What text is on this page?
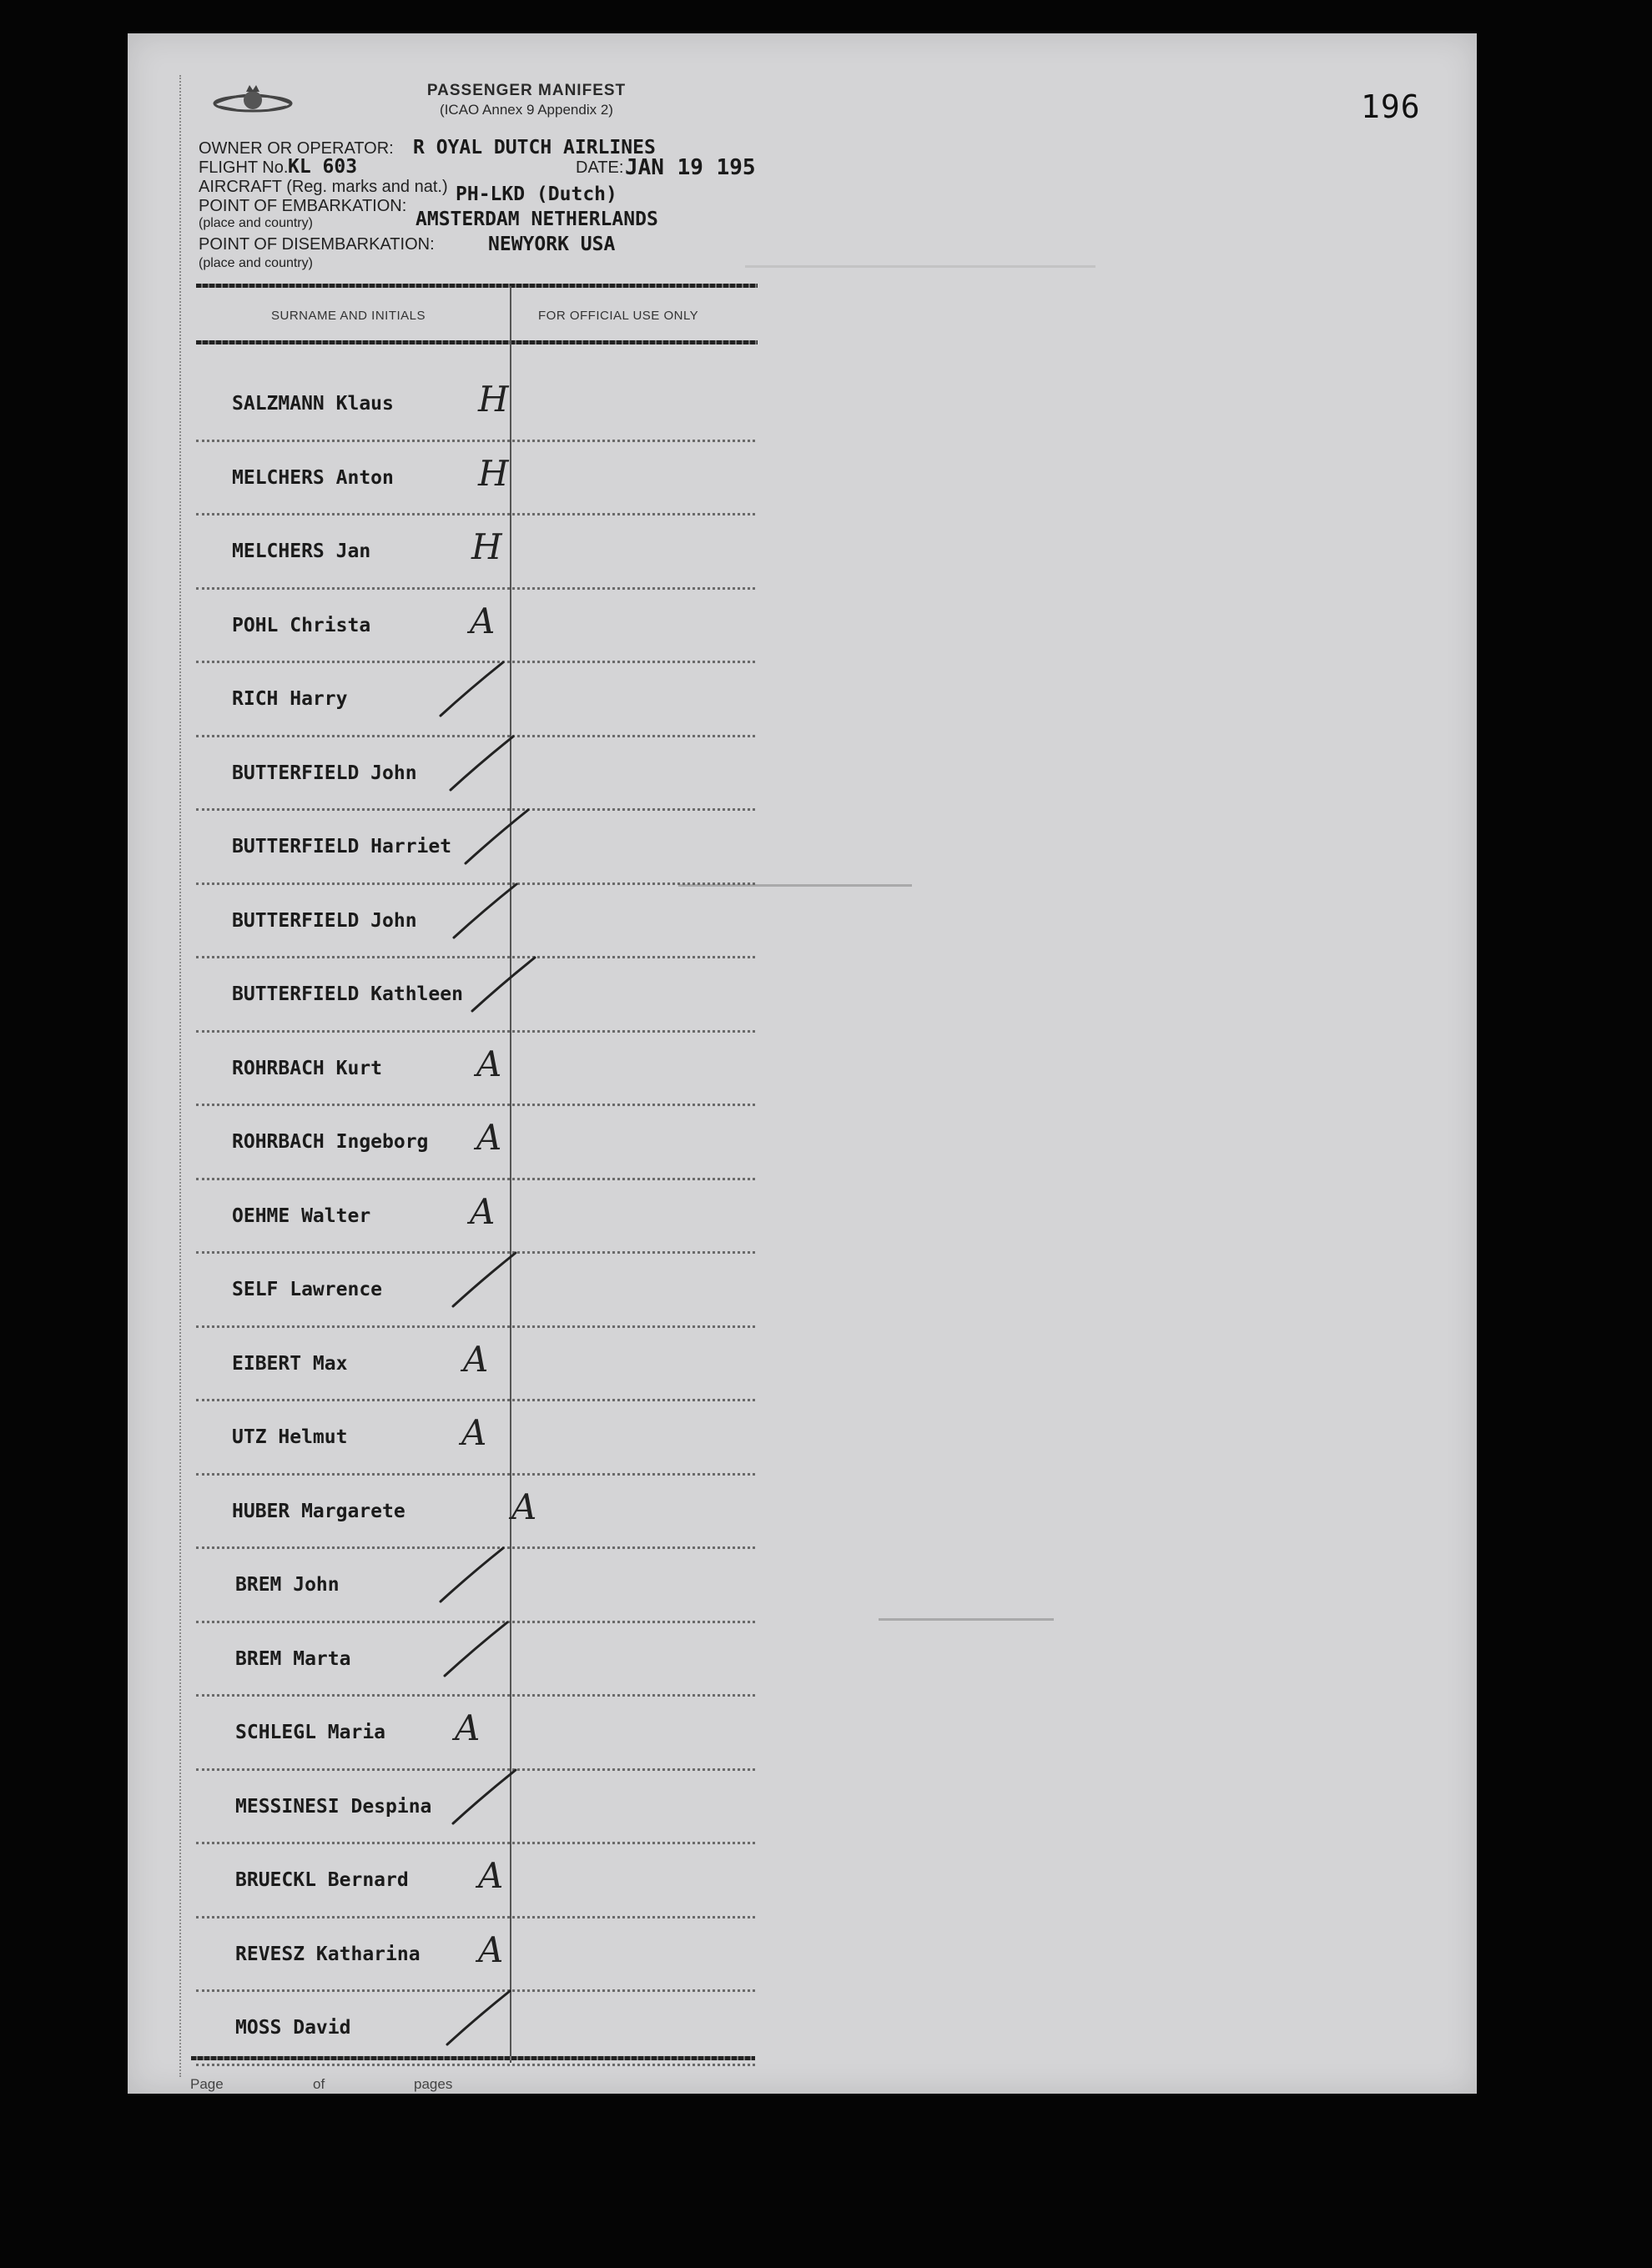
PASSENGER MANIFEST
(ICAO Annex 9 Appendix 2)	196
OWNER OR OPERATOR: R OYAL DUTCH AIRLINES
FLIGHT No. KL 603	DATE: JAN 19 195
AIRCRAFT (Reg. marks and nat.) PH-LKD (Dutch)
POINT OF EMBARKATION:
(place and country)	AMSTERDAM NETHERLANDS
POINT OF DISEMBARKATION:
(place and country)
NEWYORK USA
SURNAME AND INITIALS	FOR OFFICIAL USE ONLY
SALZMANN Klaus H
MELCHERS Anton H
MELCHERS Jan	H
POHL Christa	A
RICH Harry
BUTTERFIELD John
BUTTERFIELD Harriet
BUTTERFIELD John
BUTTERFIELD Kathleen
ROHRBACH Kurt	A
ROHRBACH Ingeborg A
OEHME Walter	A
SELF Lawrence
EIBERT Max	A
UTZ Helmut	A
HUBER Margarete	A
BREM John
BREM Marta
SCHLEGL Maria A
MESSINESI Despina
BRUECKL Bernard A
REVESZ Katharina A
MOSS David
Page	of	pages
